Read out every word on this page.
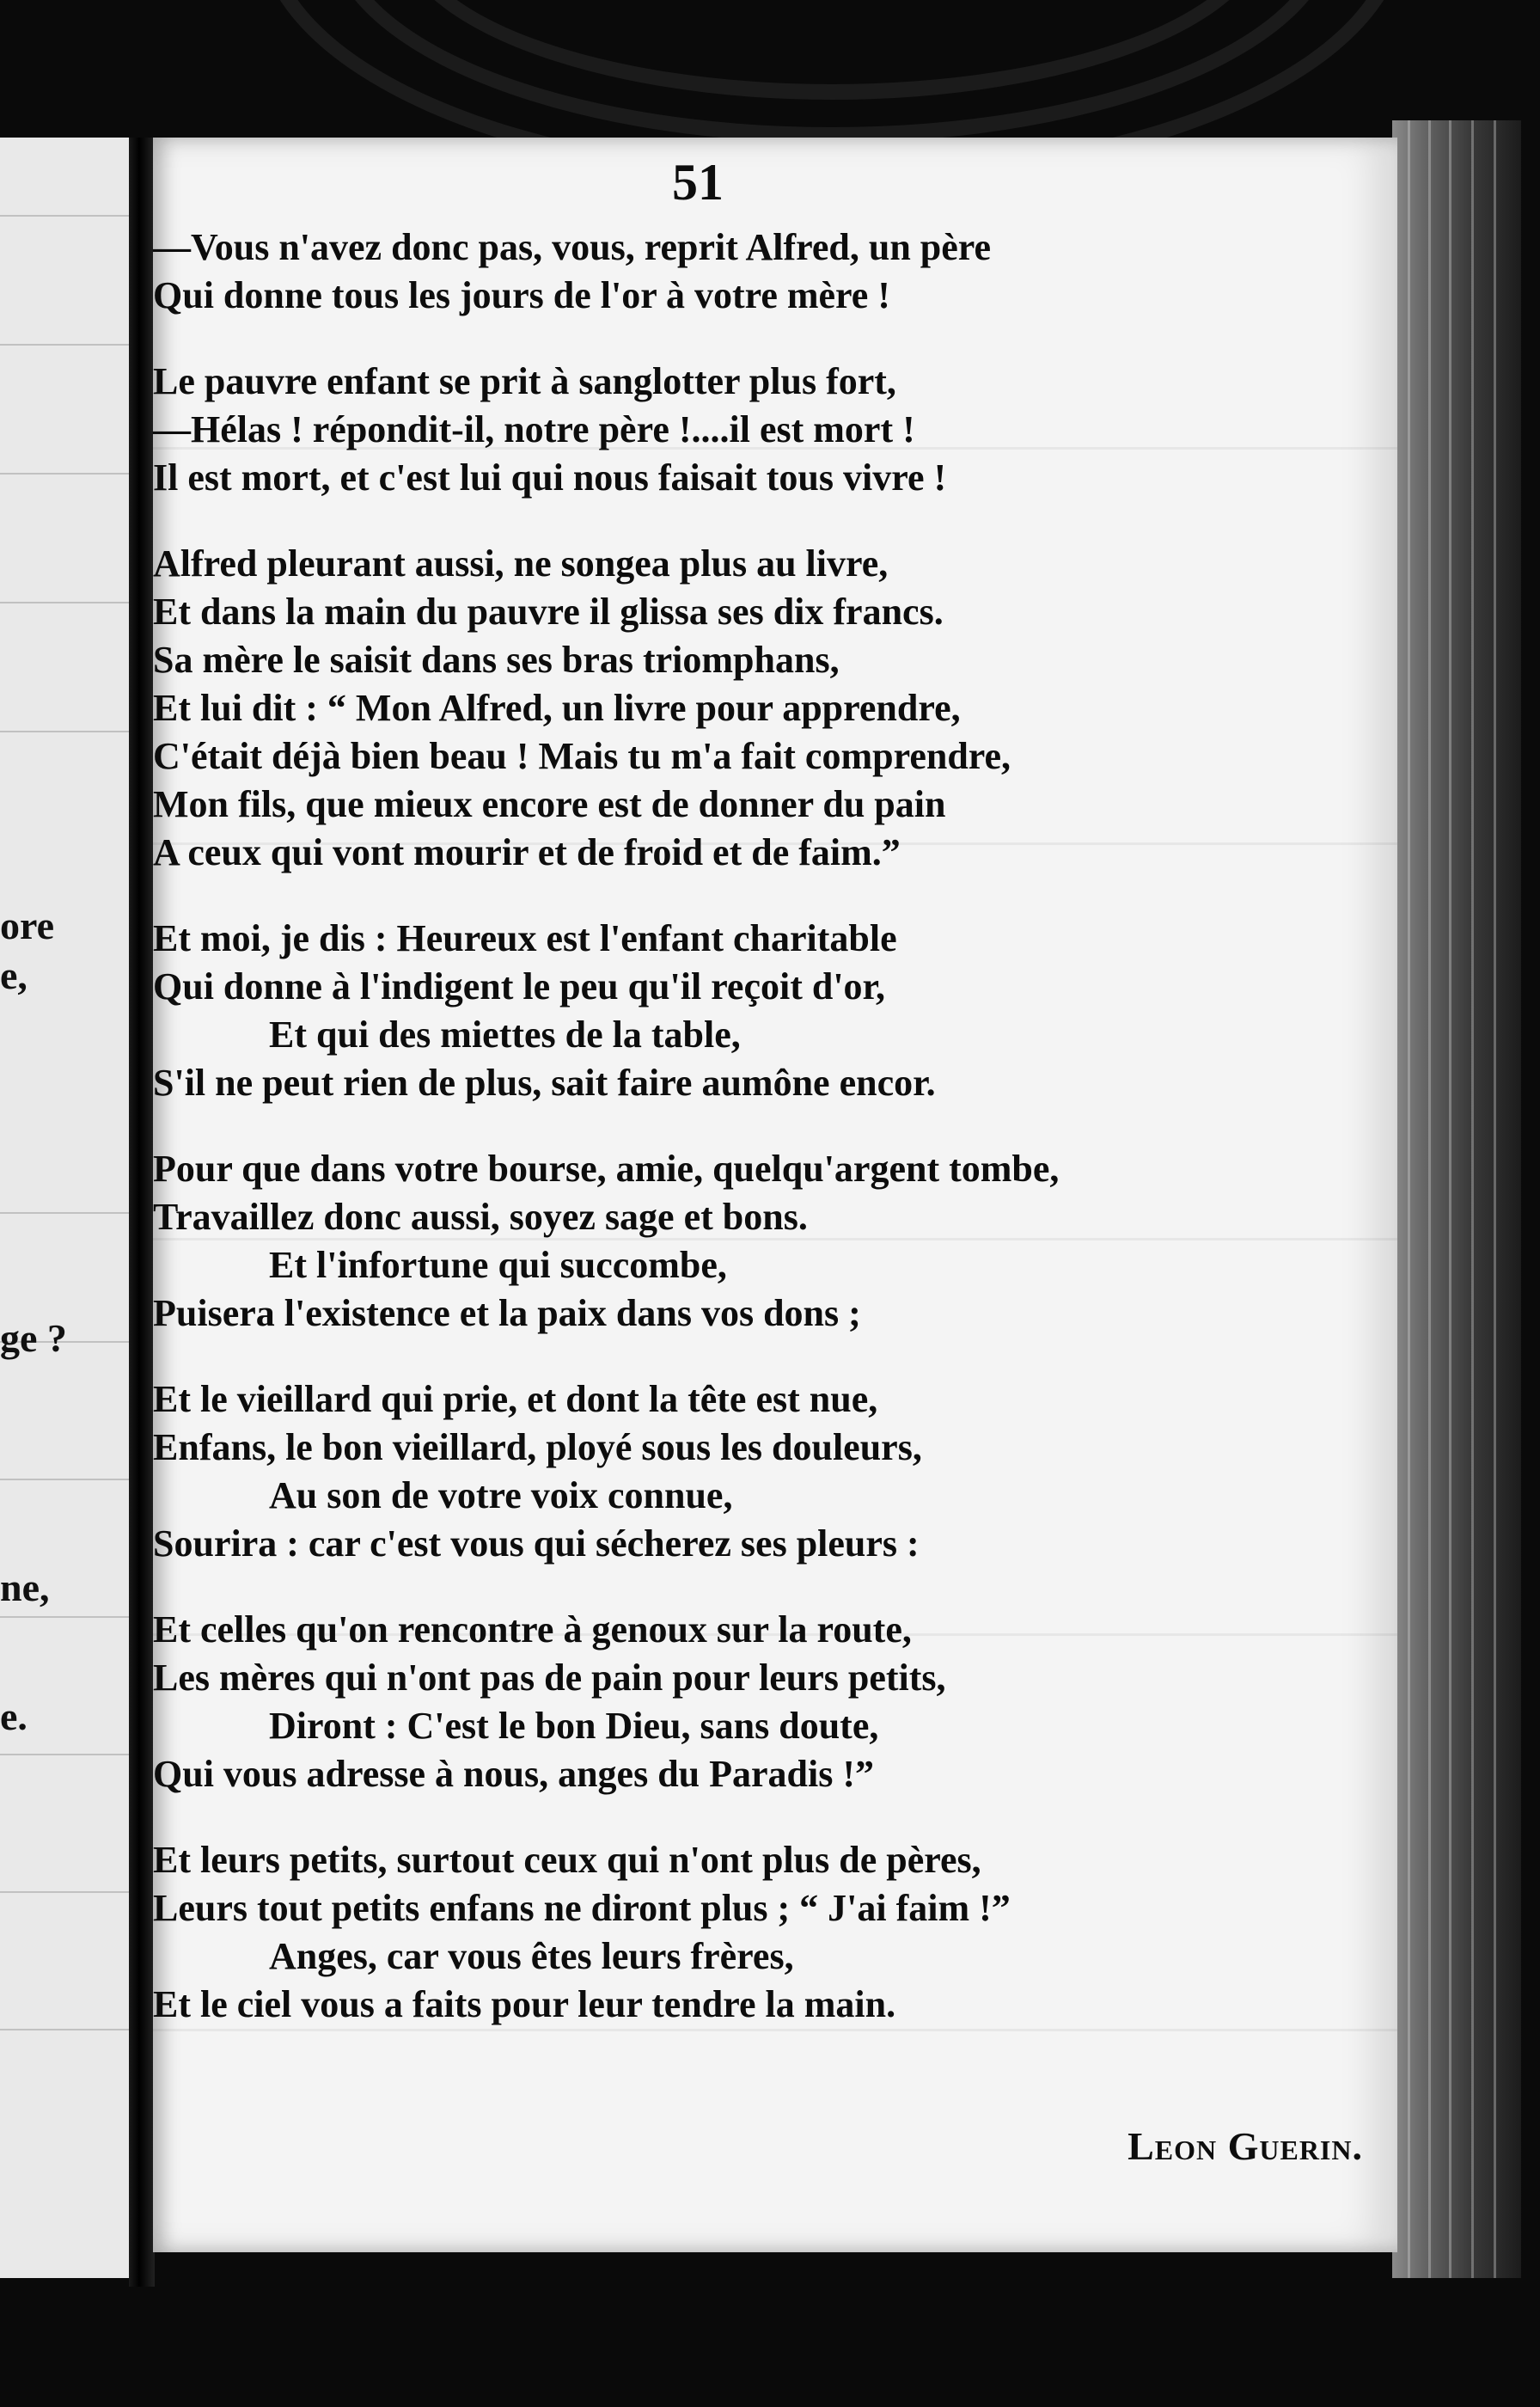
ore
e,
ge ?
ne,
e.
51
—Vous n'avez donc pas, vous, reprit Alfred, un père
Qui donne tous les jours de l'or à votre mère !
Le pauvre enfant se prit à sanglotter plus fort,
—Hélas ! répondit-il, notre père !....il est mort !
Il est mort, et c'est lui qui nous faisait tous vivre !
Alfred pleurant aussi, ne songea plus au livre,
Et dans la main du pauvre il glissa ses dix francs.
Sa mère le saisit dans ses bras triomphans,
Et lui dit : “ Mon Alfred, un livre pour apprendre,
C'était déjà bien beau ! Mais tu m'a fait comprendre,
Mon fils, que mieux encore est de donner du pain
A ceux qui vont mourir et de froid et de faim.”
Et moi, je dis : Heureux est l'enfant charitable
Qui donne à l'indigent le peu qu'il reçoit d'or,
Et qui des miettes de la table,
S'il ne peut rien de plus, sait faire aumône encor.
Pour que dans votre bourse, amie, quelqu'argent tombe,
Travaillez donc aussi, soyez sage et bons.
Et l'infortune qui succombe,
Puisera l'existence et la paix dans vos dons ;
Et le vieillard qui prie, et dont la tête est nue,
Enfans, le bon vieillard, ployé sous les douleurs,
Au son de votre voix connue,
Sourira : car c'est vous qui sécherez ses pleurs :
Et celles qu'on rencontre à genoux sur la route,
Les mères qui n'ont pas de pain pour leurs petits,
Diront : C'est le bon Dieu, sans doute,
Qui vous adresse à nous, anges du Paradis !”
Et leurs petits, surtout ceux qui n'ont plus de pères,
Leurs tout petits enfans ne diront plus ; “ J'ai faim !”
Anges, car vous êtes leurs frères,
Et le ciel vous a faits pour leur tendre la main.
Leon Guerin.
